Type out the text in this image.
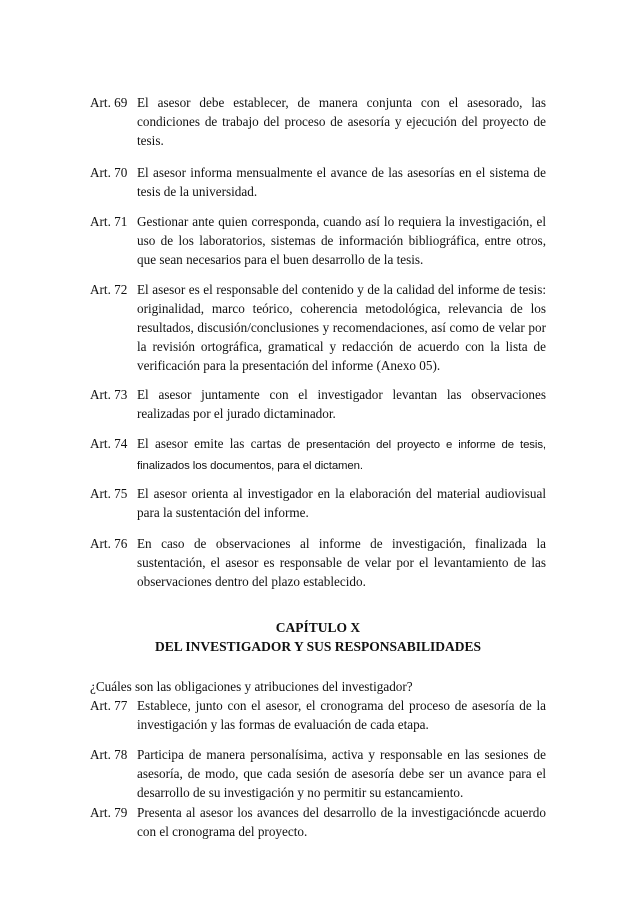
Art. 69 El asesor debe establecer, de manera conjunta con el asesorado, las condiciones de trabajo del proceso de asesoría y ejecución del proyecto de tesis.
Art. 70 El asesor informa mensualmente el avance de las asesorías en el sistema de tesis de la universidad.
Art. 71 Gestionar ante quien corresponda, cuando así lo requiera la investigación, el uso de los laboratorios, sistemas de información bibliográfica, entre otros, que sean necesarios para el buen desarrollo de la tesis.
Art. 72 El asesor es el responsable del contenido y de la calidad del informe de tesis: originalidad, marco teórico, coherencia metodológica, relevancia de los resultados, discusión/conclusiones y recomendaciones, así como de velar por la revisión ortográfica, gramatical y redacción de acuerdo con la lista de verificación para la presentación del informe (Anexo 05).
Art. 73 El asesor juntamente con el investigador levantan las observaciones realizadas por el jurado dictaminador.
Art. 74 El asesor emite las cartas de presentación del proyecto e informe de tesis, finalizados los documentos, para el dictamen.
Art. 75 El asesor orienta al investigador en la elaboración del material audiovisual para la sustentación del informe.
Art. 76 En caso de observaciones al informe de investigación, finalizada la sustentación, el asesor es responsable de velar por el levantamiento de las observaciones dentro del plazo establecido.
CAPÍTULO X
DEL INVESTIGADOR Y SUS RESPONSABILIDADES
¿Cuáles son las obligaciones y atribuciones del investigador?
Art. 77 Establece, junto con el asesor, el cronograma del proceso de asesoría de la investigación y las formas de evaluación de cada etapa.
Art. 78 Participa de manera personalísima, activa y responsable en las sesiones de asesoría, de modo, que cada sesión de asesoría debe ser un avance para el desarrollo de su investigación y no permitir su estancamiento.
Art. 79 Presenta al asesor los avances del desarrollo de la investigacióncde acuerdo con el cronograma del proyecto.
